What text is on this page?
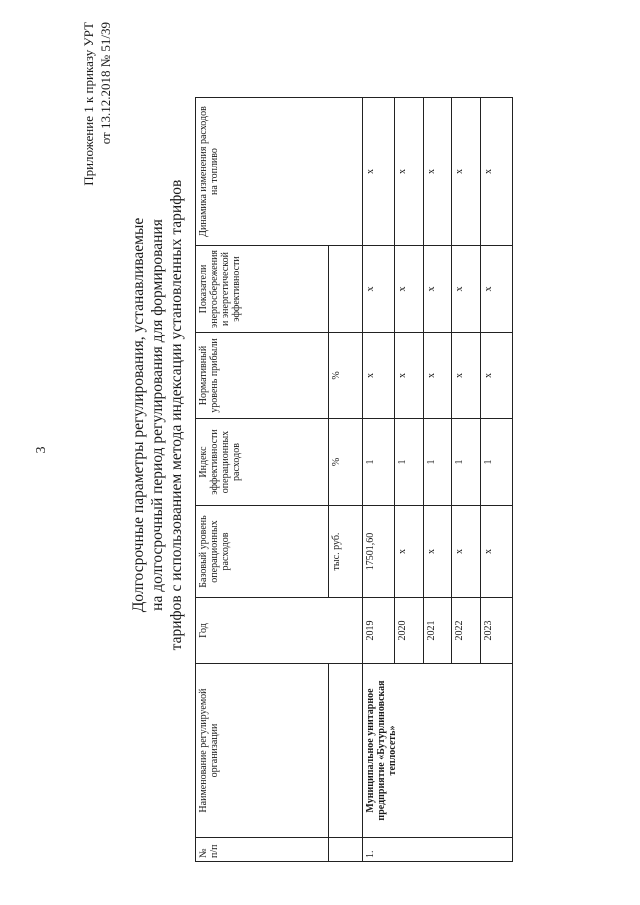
3
Приложение 1 к приказу УРТ от 13.12.2018 № 51/39
Долгосрочные параметры регулирования, устанавливаемые на долгосрочный период регулирования для формирования тарифов с использованием метода индексации установленных тарифов
№ п/п	Наименование регулируемой организации	Год	Базовый уровень операционных расходов	Индекс эффективности операционных расходов	Нормативный уровень прибыли	Показатели энергосбережения и энергетической эффективности	Динамика изменения расходов на топливо
			тыс. руб.	%	%		
1.	Муниципальное унитарное предприятие «Бутурлиновская теплосеть»	2019	17501,60	1	x	x	x
		2020	x	1	x	x	x
		2021	x	1	x	x	x
		2022	x	1	x	x	x
		2023	x	1	x	x	x
